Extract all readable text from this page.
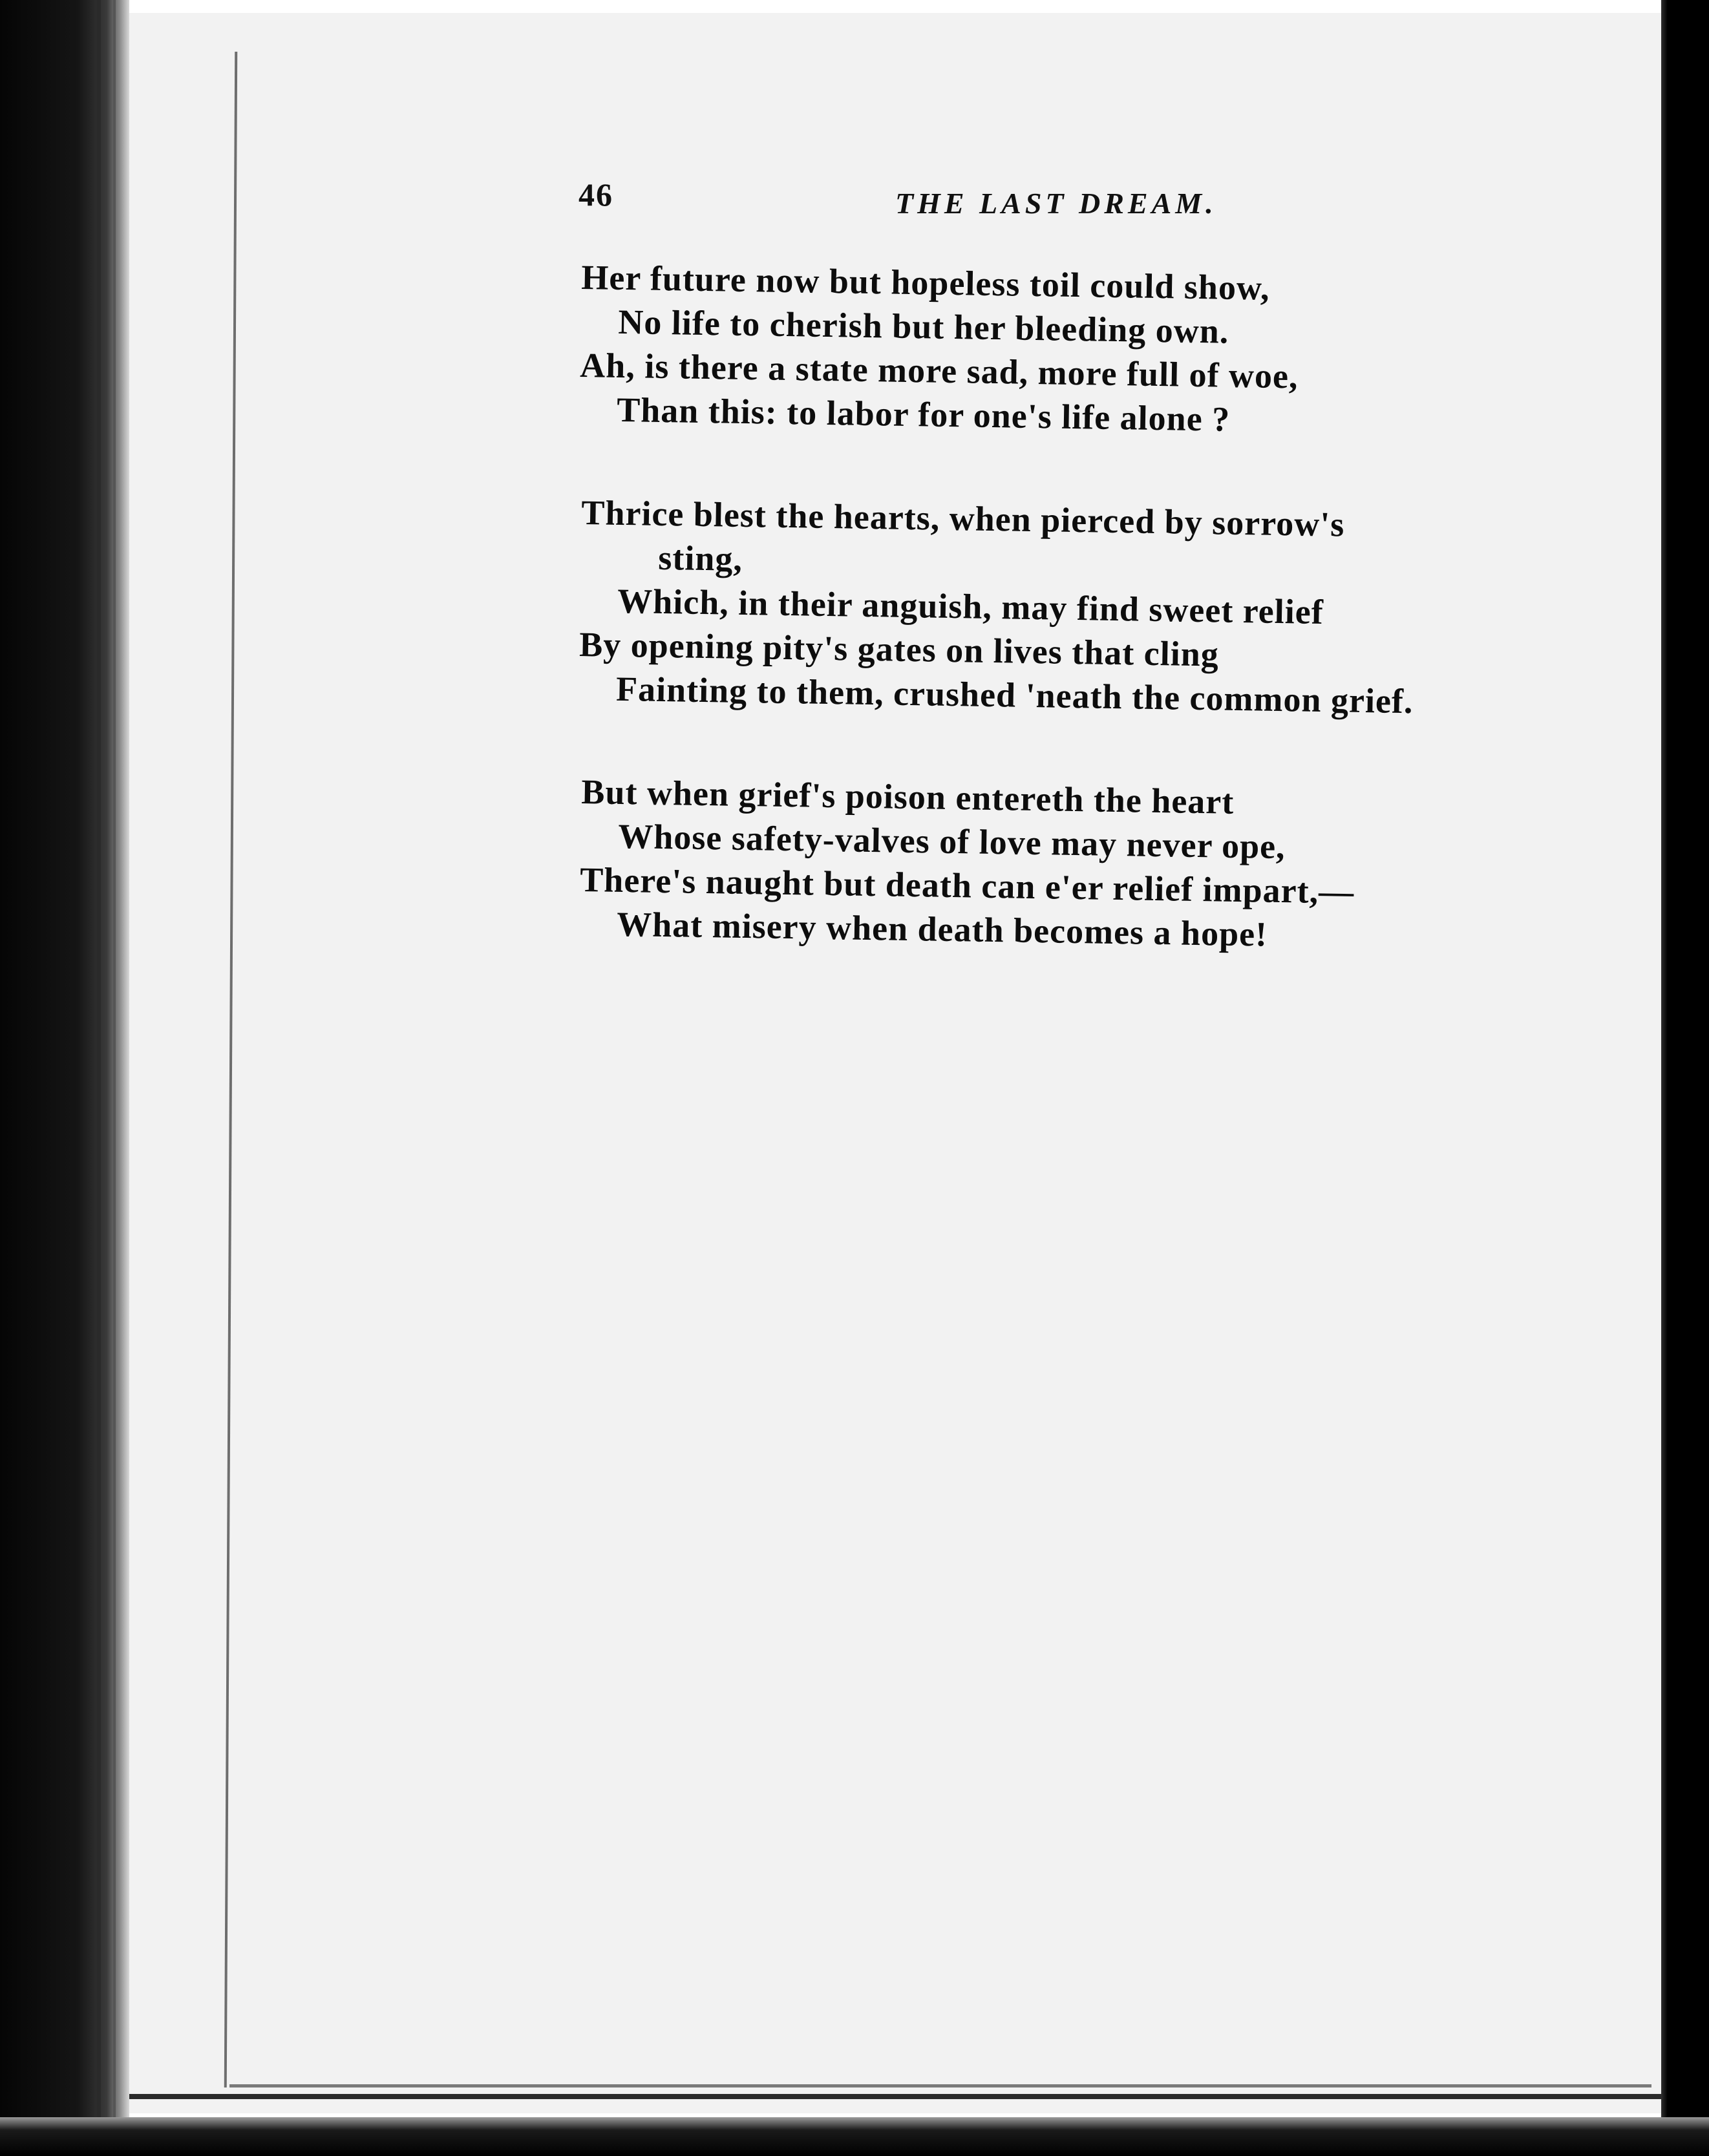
46	THE LAST DREAM.
Her future now but hopeless toil could show,
No life to cherish but her bleeding own.
Ah, is there a state more sad, more full of woe,
Than this: to labor for one's life alone ?
Thrice blest the hearts, when pierced by sorrow's
sting,
Which, in their anguish, may find sweet relief
By opening pity's gates on lives that cling
Fainting to them, crushed 'neath the common grief.
But when grief's poison entereth the heart
Whose safety-valves of love may never ope,
There's naught but death can e'er relief impart,—
What misery when death becomes a hope!
